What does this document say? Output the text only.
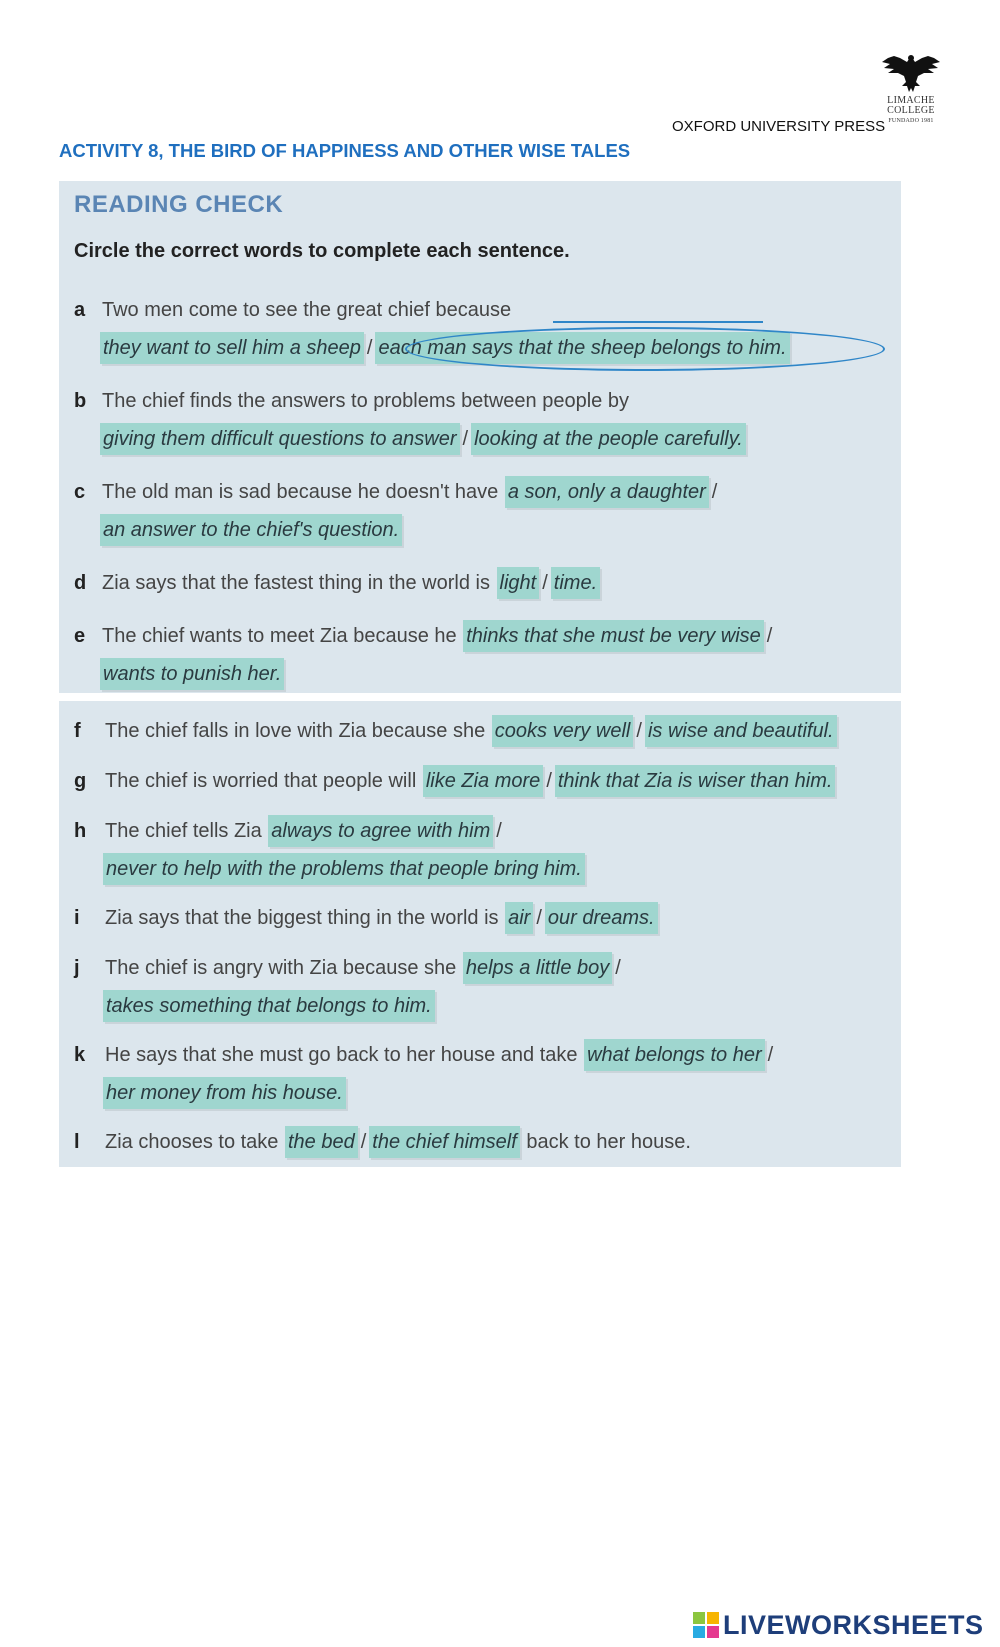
LIMACHE
COLLEGE
FUNDADO 1981
OXFORD UNIVERSITY PRESS
ACTIVITY 8, THE BIRD OF HAPPINESS AND OTHER WISE TALES
READING CHECK
Circle the correct words to complete each sentence.
a Two men come to see the great chief because
they want to sell him a sheep / each man says that the sheep belongs to him.
b The chief finds the answers to problems between people by
giving them difficult questions to answer / looking at the people carefully.
c The old man is sad because he doesn't have a son, only a daughter /
an answer to the chief's question.
d Zia says that the fastest thing in the world is light / time.
e The chief wants to meet Zia because he thinks that she must be very wise /
wants to punish her.
f	The chief falls in love with Zia because she cooks very well / is wise and beautiful.
g The chief is worried that people will like Zia more / think that Zia is wiser than him.
h The chief tells Zia always to agree with him /
never to help with the problems that people bring him.
i	Zia says that the biggest thing in the world is air / our dreams.
j	The chief is angry with Zia because she helps a little boy /
takes something that belongs to him.
k He says that she must go back to her house and take what belongs to her /
her money from his house.
l	Zia chooses to take the bed / the chief himself back to her house.
LIVEWORKSHEETS
